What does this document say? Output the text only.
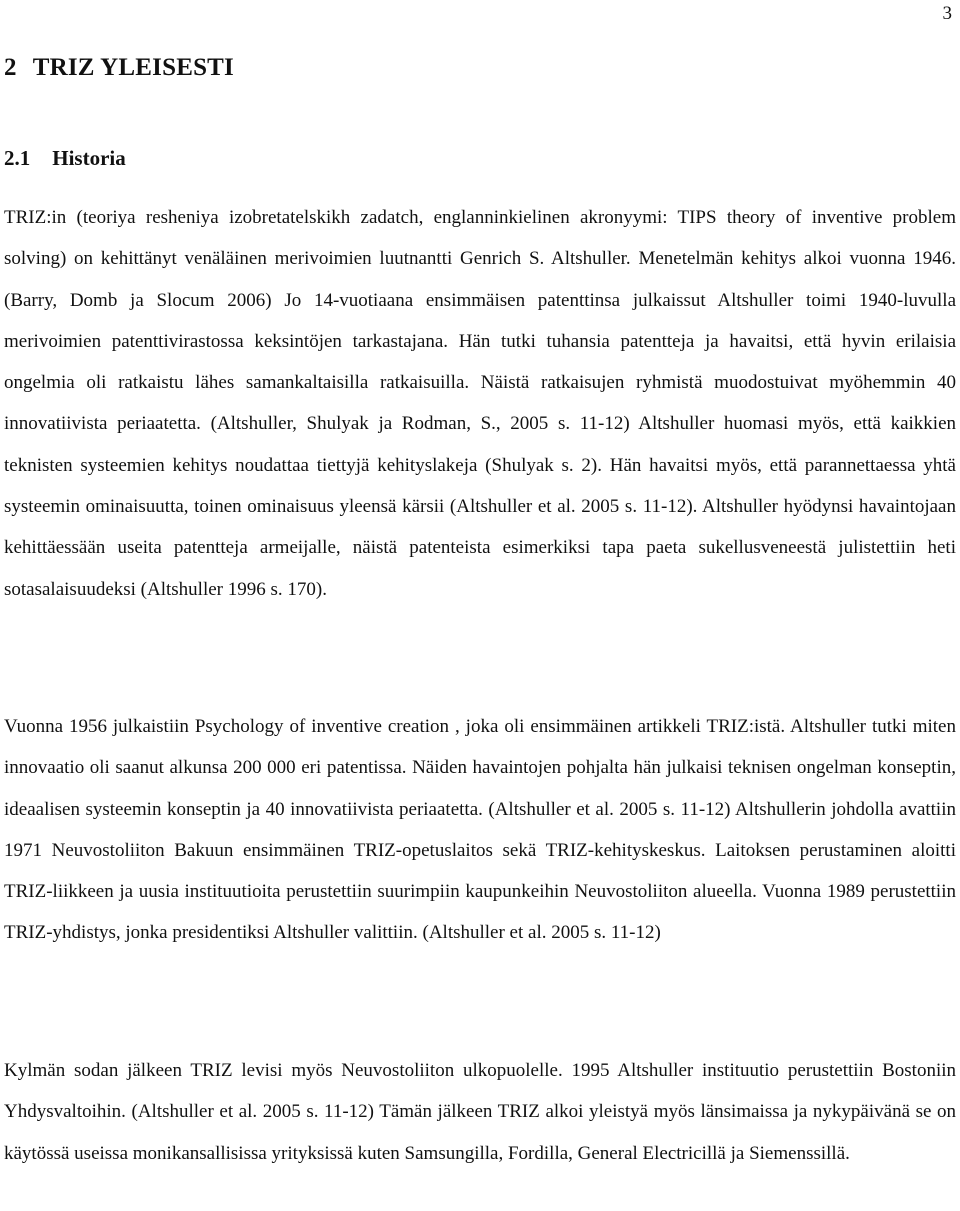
3
2 TRIZ YLEISESTI
2.1 Historia

TRIZ:in (teoriya resheniya izobretatelskikh zadatch, englanninkielinen akronyymi: TIPS theory of inventive problem solving) on kehittänyt venäläinen merivoimien luutnantti Genrich S. Altshuller. Menetelmän kehitys alkoi vuonna 1946. (Barry, Domb ja Slocum 2006) Jo 14-vuotiaana ensimmäisen patenttinsa julkaissut Altshuller toimi 1940-luvulla merivoimien patenttivirastossa keksintöjen tarkastajana. Hän tutki tuhansia patentteja ja havaitsi, että hyvin erilaisia ongelmia oli ratkaistu lähes samankaltaisilla ratkaisuilla. Näistä ratkaisujen ryhmistä muodostuivat myöhemmin 40 innovatiivista periaatetta. (Altshuller, Shulyak ja Rodman, S., 2005 s. 11-12) Altshuller huomasi myös, että kaikkien teknisten systeemien kehitys noudattaa tiettyjä kehityslakeja (Shulyak s. 2). Hän havaitsi myös, että parannettaessa yhtä systeemin ominaisuutta, toinen ominaisuus yleensä kärsii (Altshuller et al. 2005 s. 11-12). Altshuller hyödynsi havaintojaan kehittäessään useita patentteja armeijalle, näistä patenteista esimerkiksi tapa paeta sukellusveneestä julistettiin heti sotasalaisuudeksi (Altshuller 1996 s. 170).

Vuonna 1956 julkaistiin Psychology of inventive creation , joka oli ensimmäinen artikkeli TRIZ:istä. Altshuller tutki miten innovaatio oli saanut alkunsa 200 000 eri patentissa. Näiden havaintojen pohjalta hän julkaisi teknisen ongelman konseptin, ideaalisen systeemin konseptin ja 40 innovatiivista periaatetta. (Altshuller et al. 2005 s. 11-12) Altshullerin johdolla avattiin 1971 Neuvostoliiton Bakuun ensimmäinen TRIZ-opetuslaitos sekä TRIZ-kehityskeskus. Laitoksen perustaminen aloitti TRIZ-liikkeen ja uusia instituutioita perustettiin suurimpiin kaupunkeihin Neuvostoliiton alueella. Vuonna 1989 perustettiin TRIZ-yhdistys, jonka presidentiksi Altshuller valittiin. (Altshuller et al. 2005 s. 11-12)

Kylmän sodan jälkeen TRIZ levisi myös Neuvostoliiton ulkopuolelle. 1995 Altshuller instituutio perustettiin Bostoniin Yhdysvaltoihin. (Altshuller et al. 2005 s. 11-12) Tämän jälkeen TRIZ alkoi yleistyä myös länsimaissa ja nykypäivänä se on käytössä useissa monikansallisissa yrityksissä kuten Samsungilla, Fordilla, General Electricillä ja Siemenssillä.
